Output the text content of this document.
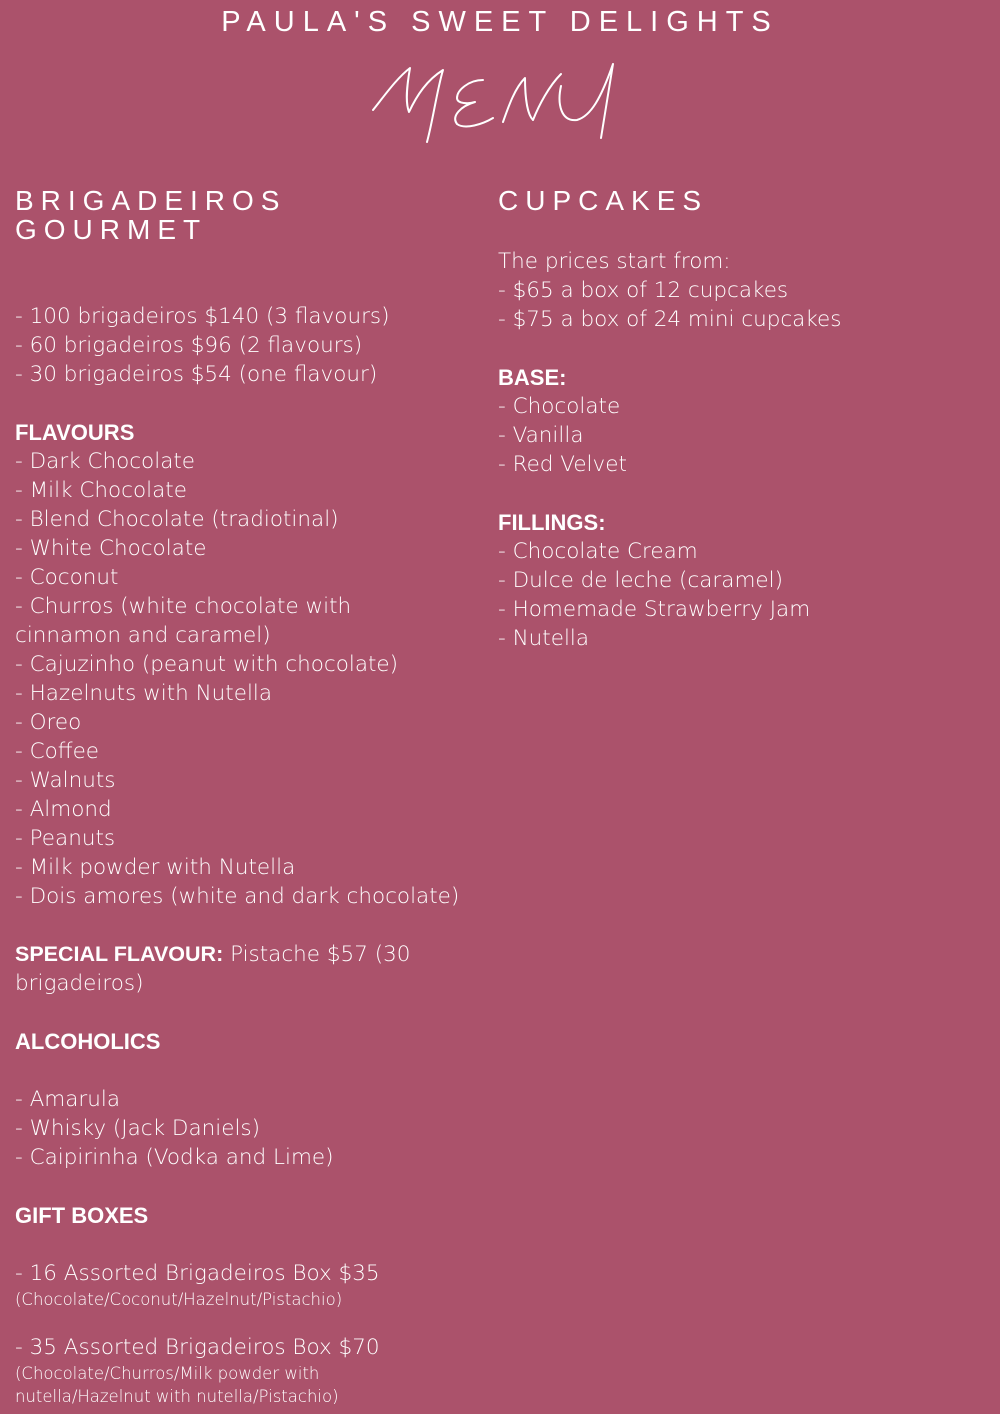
PAULA'S SWEET DELIGHTS

BRIGADEIROS

GOURMET

- 100 brigadeiros $140 (3 flavours)

- 60 brigadeiros $96 (2 flavours)

- 30 brigadeiros $54 (one flavour)

FLAVOURS

- Dark Chocolate

- Milk Chocolate

- Blend Chocolate (tradiotinal)

- White Chocolate

- Coconut

- Churros (white chocolate with

cinnamon and caramel)

- Cajuzinho (peanut with chocolate)

- Hazelnuts with Nutella

- Oreo

- Coffee

- Walnuts

- Almond

- Peanuts

- Milk powder with Nutella

- Dois amores (white and dark chocolate)

SPECIAL FLAVOUR: Pistache $57 (30

brigadeiros)

ALCOHOLICS

- Amarula

- Whisky (Jack Daniels)

- Caipirinha (Vodka and Lime)

GIFT BOXES

- 16 Assorted Brigadeiros Box $35

(Chocolate/Coconut/Hazelnut/Pistachio)

- 35 Assorted Brigadeiros Box $70

(Chocolate/Churros/Milk powder with

nutella/Hazelnut with nutella/Pistachio)

CUPCAKES

The prices start from:

- $65 a box of 12 cupcakes

- $75 a box of 24 mini cupcakes

BASE:

- Chocolate

- Vanilla

- Red Velvet

FILLINGS:

- Chocolate Cream

- Dulce de leche (caramel)

- Homemade Strawberry Jam

- Nutella
